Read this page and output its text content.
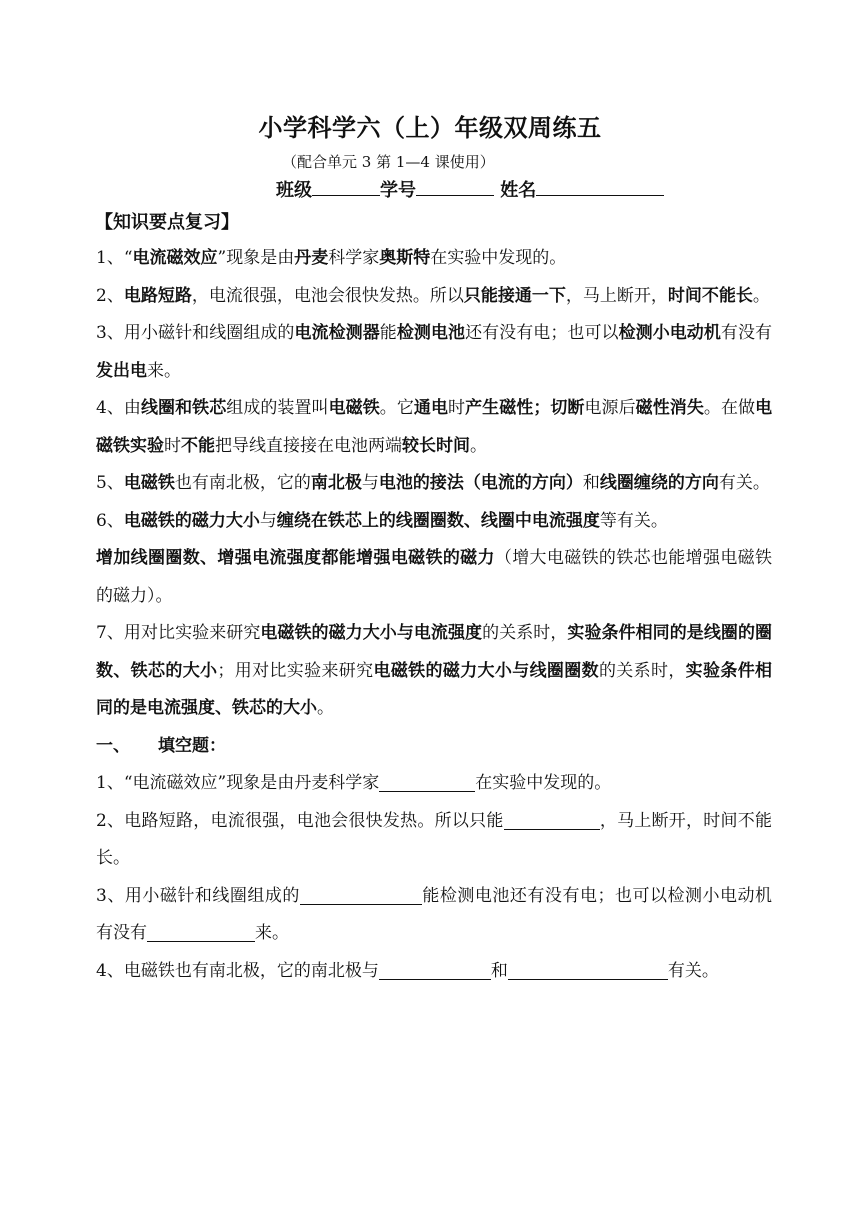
小学科学六（上）年级双周练五
（配合单元 3 第 1—4 课使用）
班级	学号	姓名
【知识要点复习】

1、“电流磁效应”现象是由丹麦科学家奥斯特在实验中发现的。

2、电路短路，电流很强，电池会很快发热。所以只能接通一下，马上断开，时间不能长。

3、用小磁针和线圈组成的电流检测器能检测电池还有没有电；也可以检测小电动机有没有发出电来。

4、由线圈和铁芯组成的装置叫电磁铁。它通电时产生磁性；切断电源后磁性消失。在做电磁铁实验时不能把导线直接接在电池两端较长时间。

5、电磁铁也有南北极，它的南北极与电池的接法（电流的方向）和线圈缠绕的方向有关。

6、电磁铁的磁力大小与缠绕在铁芯上的线圈圈数、线圈中电流强度等有关。
增加线圈圈数、增强电流强度都能增强电磁铁的磁力（增大电磁铁的铁芯也能增强电磁铁的磁力）。

7、用对比实验来研究电磁铁的磁力大小与电流强度的关系时，实验条件相同的是线圈的圈数、铁芯的大小；用对比实验来研究电磁铁的磁力大小与线圈圈数的关系时，实验条件相同的是电流强度、铁芯的大小。

一、 填空题：

1、“电流磁效应”现象是由丹麦科学家	在实验中发现的。

2、电路短路，电流很强，电池会很快发热。所以只能	，马上断开，时间不能长。

3、用小磁针和线圈组成的	能检测电池还有没有电；也可以检测小电动机有没有	来。

4、电磁铁也有南北极，它的南北极与	和	有关。
